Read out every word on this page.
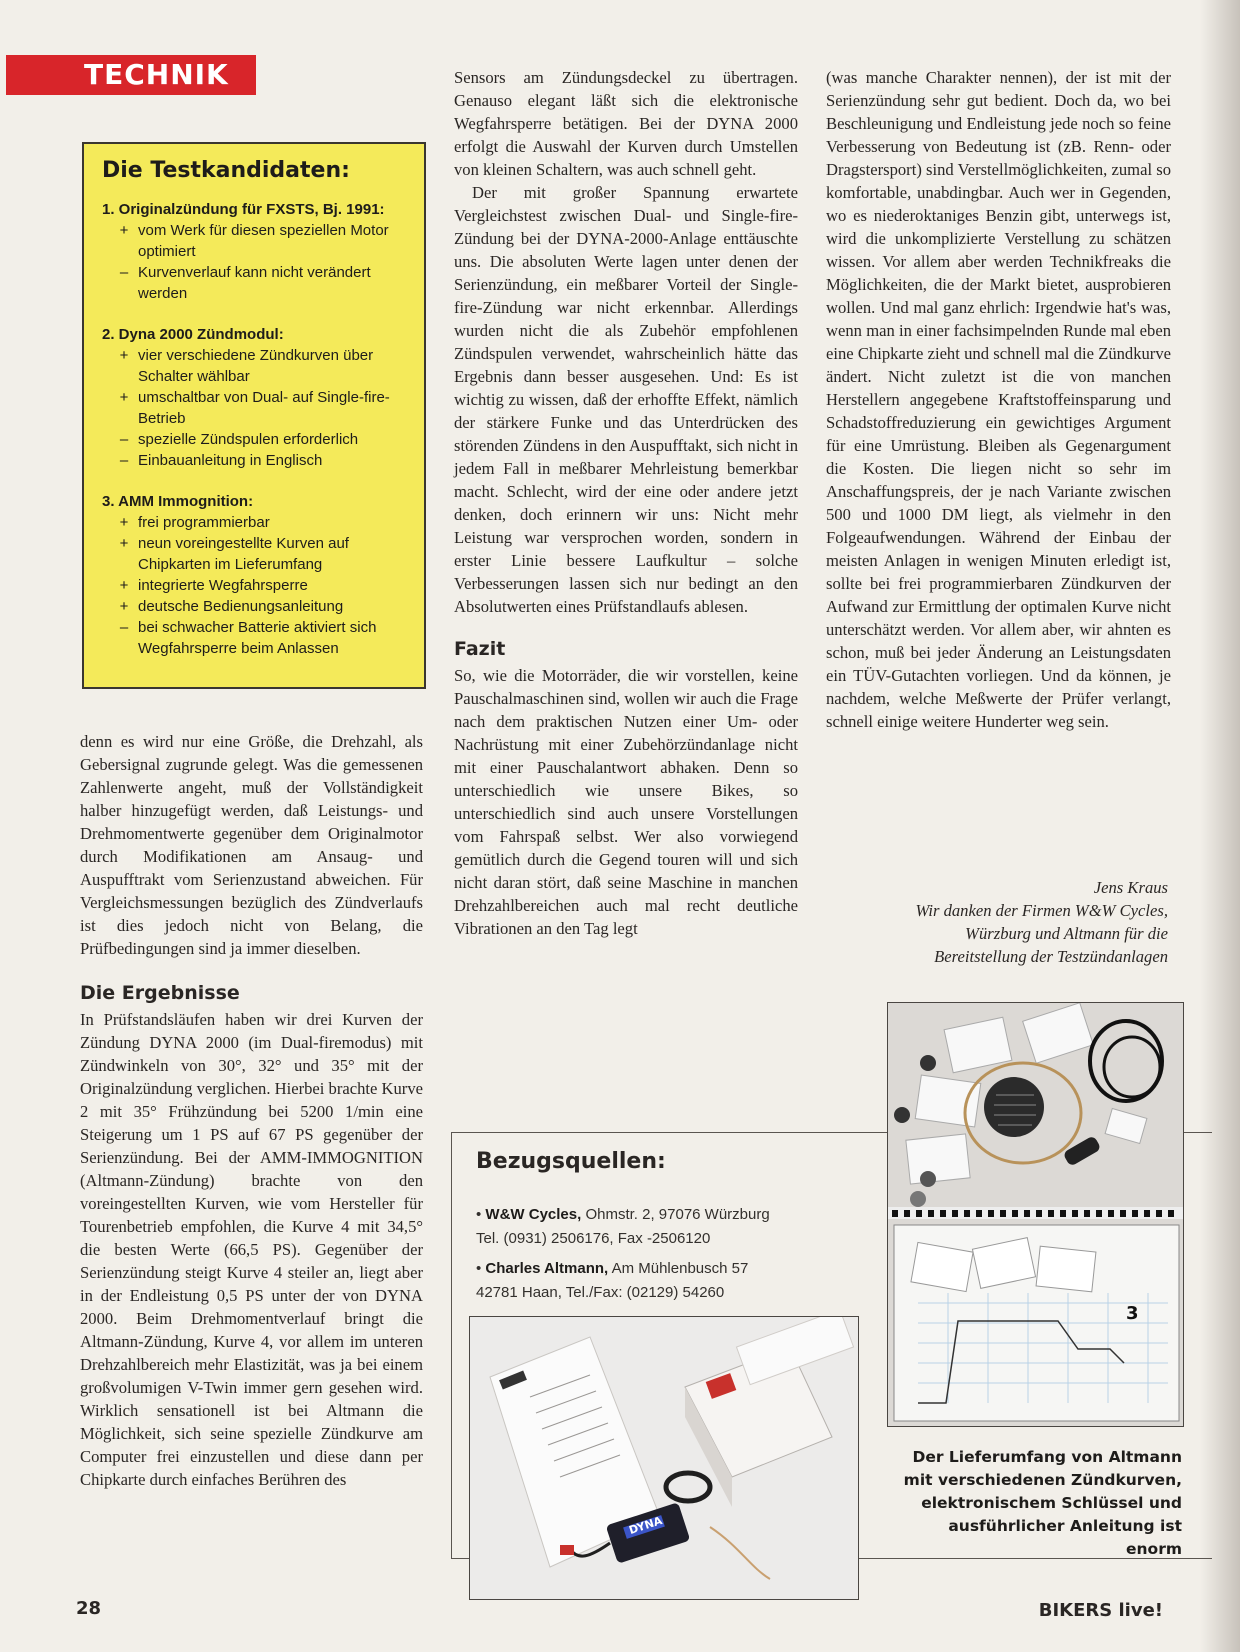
TECHNIK
Die Testkandidaten:
1. Originalzündung für FXSTS, Bj. 1991:
+ vom Werk für diesen speziellen Motor optimiert
– Kurvenverlauf kann nicht verändert werden
2. Dyna 2000 Zündmodul:
+ vier verschiedene Zündkurven über Schalter wählbar
+ umschaltbar von Dual- auf Single-fire-Betrieb
– spezielle Zündspulen erforderlich
– Einbauanleitung in Englisch
3. AMM Immognition:
+ frei programmierbar
+ neun voreingestellte Kurven auf Chipkarten im Lieferumfang
+ integrierte Wegfahrsperre
+ deutsche Bedienungsanleitung
– bei schwacher Batterie aktiviert sich Wegfahrsperre beim Anlassen

denn es wird nur eine Größe, die Drehzahl, als Gebersignal zugrunde gelegt. Was die gemessenen Zahlenwerte angeht, muß der Vollständigkeit halber hinzugefügt werden, daß Leistungs- und Drehmomentwerte gegenüber dem Originalmotor durch Modifikationen am Ansaug- und Auspufftrakt vom Serienzustand abweichen. Für Vergleichsmessungen bezüglich des Zündverlaufs ist dies jedoch nicht von Belang, die Prüfbedingungen sind ja immer dieselben.

Die Ergebnisse

In Prüfstandsläufen haben wir drei Kurven der Zündung DYNA 2000 (im Dual-firemodus) mit Zündwinkeln von 30°, 32° und 35° mit der Originalzündung verglichen. Hierbei brachte Kurve 2 mit 35° Frühzündung bei 5200 1/min eine Steigerung um 1 PS auf 67 PS gegenüber der Serienzündung. Bei der AMM-IMMOGNITION (Altmann-Zündung) brachte von den voreingestellten Kurven, wie vom Hersteller für Tourenbetrieb empfohlen, die Kurve 4 mit 34,5° die besten Werte (66,5 PS). Gegenüber der Serienzündung steigt Kurve 4 steiler an, liegt aber in der Endleistung 0,5 PS unter der von DYNA 2000. Beim Drehmomentverlauf bringt die Altmann-Zündung, Kurve 4, vor allem im unteren Drehzahlbereich mehr Elastizität, was ja bei einem großvolumigen V-Twin immer gern gesehen wird. Wirklich sensationell ist bei Altmann die Möglichkeit, sich seine spezielle Zündkurve am Computer frei einzustellen und diese dann per Chipkarte durch einfaches Berühren des

Sensors am Zündungsdeckel zu übertragen. Genauso elegant läßt sich die elektronische Wegfahrsperre betätigen. Bei der DYNA 2000 erfolgt die Auswahl der Kurven durch Umstellen von kleinen Schaltern, was auch schnell geht.

Der mit großer Spannung erwartete Vergleichstest zwischen Dual- und Single-fire-Zündung bei der DYNA-2000-Anlage enttäuschte uns. Die absoluten Werte lagen unter denen der Serienzündung, ein meßbarer Vorteil der Single-fire-Zündung war nicht erkennbar. Allerdings wurden nicht die als Zubehör empfohlenen Zündspulen verwendet, wahrscheinlich hätte das Ergebnis dann besser ausgesehen. Und: Es ist wichtig zu wissen, daß der erhoffte Effekt, nämlich der stärkere Funke und das Unterdrücken des störenden Zündens in den Auspufftakt, sich nicht in jedem Fall in meßbarer Mehrleistung bemerkbar macht. Schlecht, wird der eine oder andere jetzt denken, doch erinnern wir uns: Nicht mehr Leistung war versprochen worden, sondern in erster Linie bessere Laufkultur – solche Verbesserungen lassen sich nur bedingt an den Absolutwerten eines Prüfstandlaufs ablesen.

Fazit

So, wie die Motorräder, die wir vorstellen, keine Pauschalmaschinen sind, wollen wir auch die Frage nach dem praktischen Nutzen einer Um- oder Nachrüstung mit einer Zubehörzündanlage nicht mit einer Pauschalantwort abhaken. Denn so unterschiedlich wie unsere Bikes, so unterschiedlich sind auch unsere Vorstellungen vom Fahrspaß selbst. Wer also vorwiegend gemütlich durch die Gegend touren will und sich nicht daran stört, daß seine Maschine in manchen Drehzahlbereichen auch mal recht deutliche Vibrationen an den Tag legt

(was manche Charakter nennen), der ist mit der Serienzündung sehr gut bedient. Doch da, wo bei Beschleunigung und Endleistung jede noch so feine Verbesserung von Bedeutung ist (zB. Renn- oder Dragstersport) sind Verstellmöglichkeiten, zumal so komfortable, unabdingbar. Auch wer in Gegenden, wo es niederoktaniges Benzin gibt, unterwegs ist, wird die unkomplizierte Verstellung zu schätzen wissen. Vor allem aber werden Technikfreaks die Möglichkeiten, die der Markt bietet, ausprobieren wollen. Und mal ganz ehrlich: Irgendwie hat's was, wenn man in einer fachsimpelnden Runde mal eben eine Chipkarte zieht und schnell mal die Zündkurve ändert. Nicht zuletzt ist die von manchen Herstellern angegebene Kraftstoffeinsparung und Schadstoffreduzierung ein gewichtiges Argument für eine Umrüstung. Bleiben als Gegenargument die Kosten. Die liegen nicht so sehr im Anschaffungspreis, der je nach Variante zwischen 500 und 1000 DM liegt, als vielmehr in den Folgeaufwendungen. Während der Einbau der meisten Anlagen in wenigen Minuten erledigt ist, sollte bei frei programmierbaren Zündkurven der Aufwand zur Ermittlung der optimalen Kurve nicht unterschätzt werden. Vor allem aber, wir ahnten es schon, muß bei jeder Änderung an Leistungsdaten ein TÜV-Gutachten vorliegen. Und da können, je nachdem, welche Meßwerte der Prüfer verlangt, schnell einige weitere Hunderter weg sein.

Jens Kraus
Wir danken der Firmen W&W Cycles,
Würzburg und Altmann für die
Bereitstellung der Testzündanlagen
Bezugsquellen:
• W&W Cycles, Ohmstr. 2, 97076 Würzburg
Tel. (0931) 2506176, Fax -2506120
• Charles Altmann, Am Mühlenbusch 57
42781 Haan, Tel./Fax: (02129) 54260
DYNA
3
Der Lieferumfang von Altmann
mit verschiedenen Zündkurven,
elektronischem Schlüssel und
ausführlicher Anleitung ist enorm
28	BIKERS live!
